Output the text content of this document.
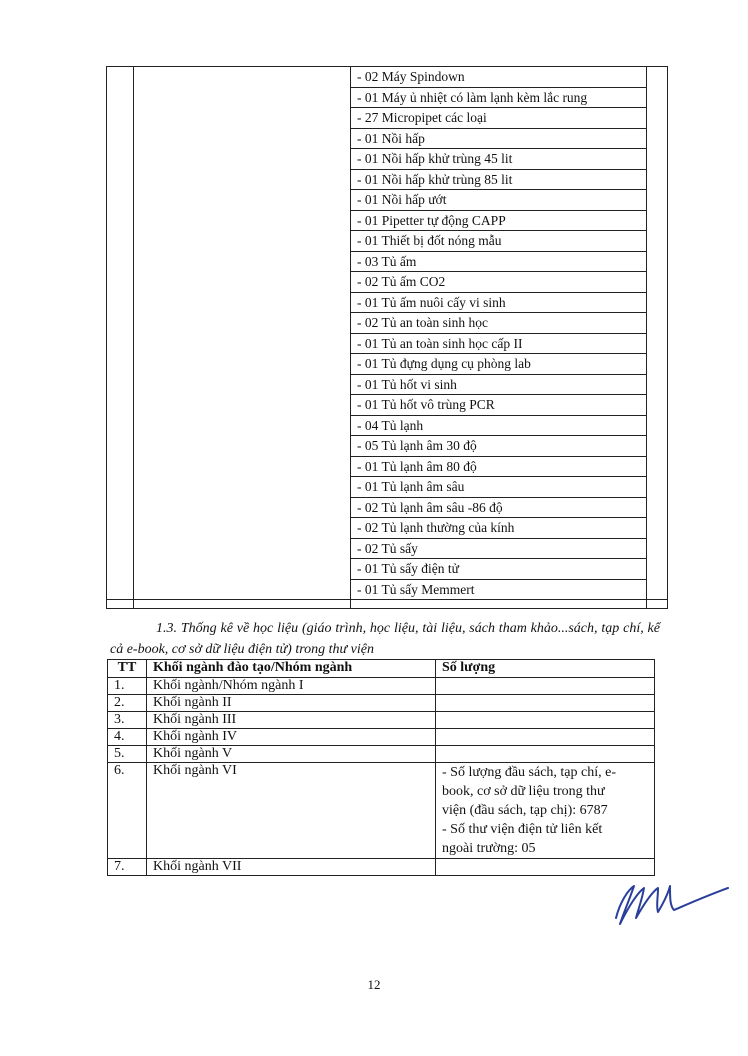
		- 02 Máy Spindown	
		- 01 Máy ủ nhiệt có làm lạnh kèm lắc rung	
		- 27 Micropipet các loại	
		- 01 Nồi hấp	
		- 01 Nồi hấp khử trùng 45 lit	
		- 01 Nồi hấp khử trùng 85 lit	
		- 01 Nồi hấp ướt	
		- 01 Pipetter tự động CAPP	
		- 01 Thiết bị đốt nóng mẫu	
		- 03 Tủ ấm	
		- 02 Tủ ấm CO2	
		- 01 Tủ ấm nuôi cấy vi sinh	
		- 02 Tủ an toàn sinh học	
		- 01 Tủ an toàn sinh học cấp II	
		- 01 Tủ đựng dụng cụ phòng lab	
		- 01 Tủ hốt vi sinh	
		- 01 Tủ hốt vô trùng PCR	
		- 04 Tủ lạnh	
		- 05 Tủ lạnh âm 30 độ	
		- 01 Tủ lạnh âm 80 độ	
		- 01 Tủ lạnh âm sâu	
		- 02 Tủ lạnh âm sâu -86 độ	
		- 02 Tủ lạnh thường của kính	
		- 02 Tủ sấy	
		- 01 Tủ sấy điện tử	
		- 01 Tủ sấy Memmert	

1.3. Thống kê về học liệu (giáo trình, học liệu, tài liệu, sách tham khảo...sách, tạp chí, kể cả e-book, cơ sở dữ liệu điện tử) trong thư viện

TT	Khối ngành đào tạo/Nhóm ngành	Số lượng
1.	Khối ngành/Nhóm ngành I	
2.	Khối ngành II	
3.	Khối ngành III	
4.	Khối ngành IV	
5.	Khối ngành V	
6.	Khối ngành VI	- Số lượng đầu sách, tạp chí, e-
book, cơ sở dữ liệu trong thư
viện (đầu sách, tạp chị): 6787
- Số thư viện điện tử liên kết
ngoài trường: 05

7.	Khối ngành VII	
12
